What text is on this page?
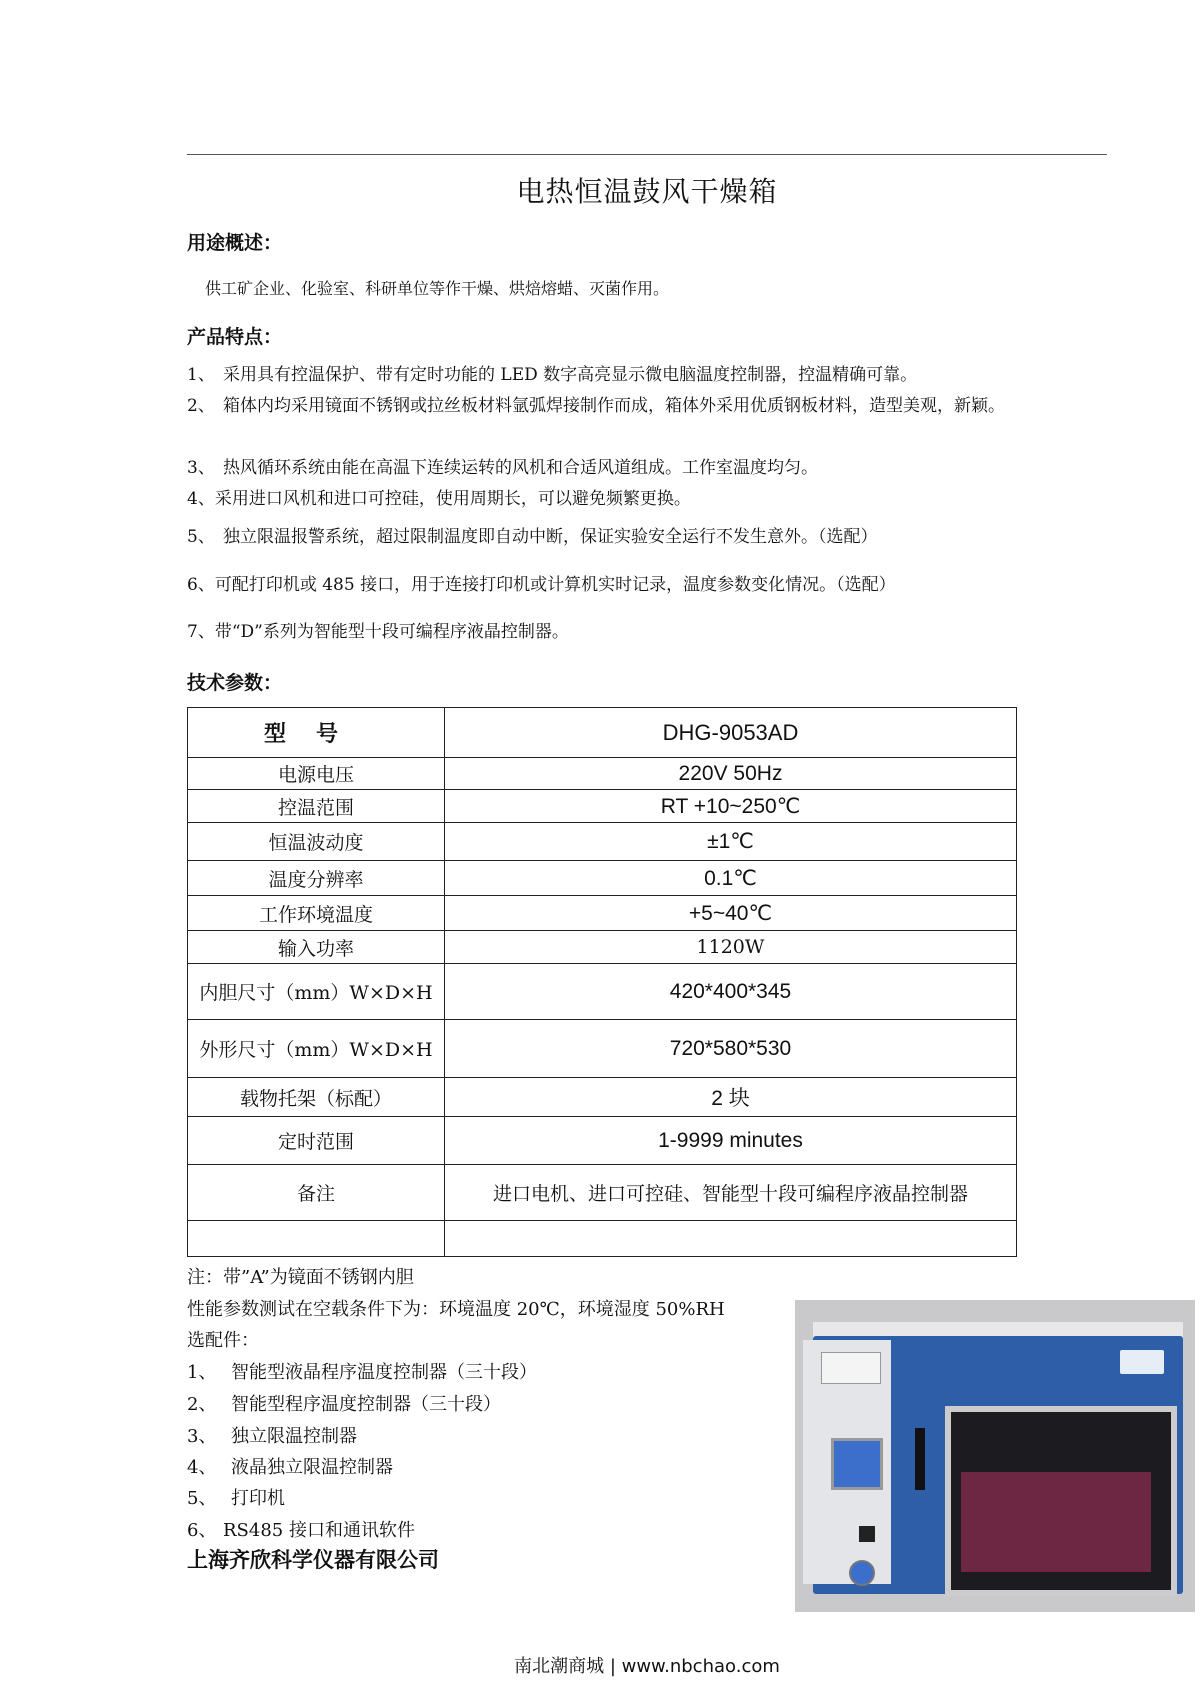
电热恒温鼓风干燥箱
用途概述：
供工矿企业、化验室、科研单位等作干燥、烘焙熔蜡、灭菌作用。
产品特点：
1、 采用具有控温保护、带有定时功能的 LED 数字高亮显示微电脑温度控制器，控温精确可靠。
2、 箱体内均采用镜面不锈钢或拉丝板材料氩弧焊接制作而成，箱体外采用优质钢板材料，造型美观，新颖。
3、 热风循环系统由能在高温下连续运转的风机和合适风道组成。工作室温度均匀。
4、采用进口风机和进口可控硅，使用周期长，可以避免频繁更换。
5、 独立限温报警系统，超过限制温度即自动中断，保证实验安全运行不发生意外。（选配）
6、可配打印机或 485 接口，用于连接打印机或计算机实时记录，温度参数变化情况。（选配）
7、带“D”系列为智能型十段可编程序液晶控制器。
技术参数：
型号	DHG-9053AD
电源电压	220V 50Hz
控温范围	RT +10~250℃
恒温波动度	±1℃
温度分辨率	0.1℃
工作环境温度	+5~40℃
输入功率	1120W
内胆尺寸（mm）W×D×H	420*400*345
外形尺寸（mm）W×D×H	720*580*530
载物托架（标配）	2 块
定时范围	1-9999 minutes
备注	进口电机、进口可控硅、智能型十段可编程序液晶控制器

注：带”A”为镜面不锈钢内胆
性能参数测试在空载条件下为：环境温度 20℃，环境湿度 50%RH
选配件：
1、 智能型液晶程序温度控制器（三十段）
2、 智能型程序温度控制器（三十段）
3、 独立限温控制器
4、 液晶独立限温控制器
5、 打印机
6、 RS485 接口和通讯软件
上海齐欣科学仪器有限公司
南北潮商城 | www.nbchao.com
